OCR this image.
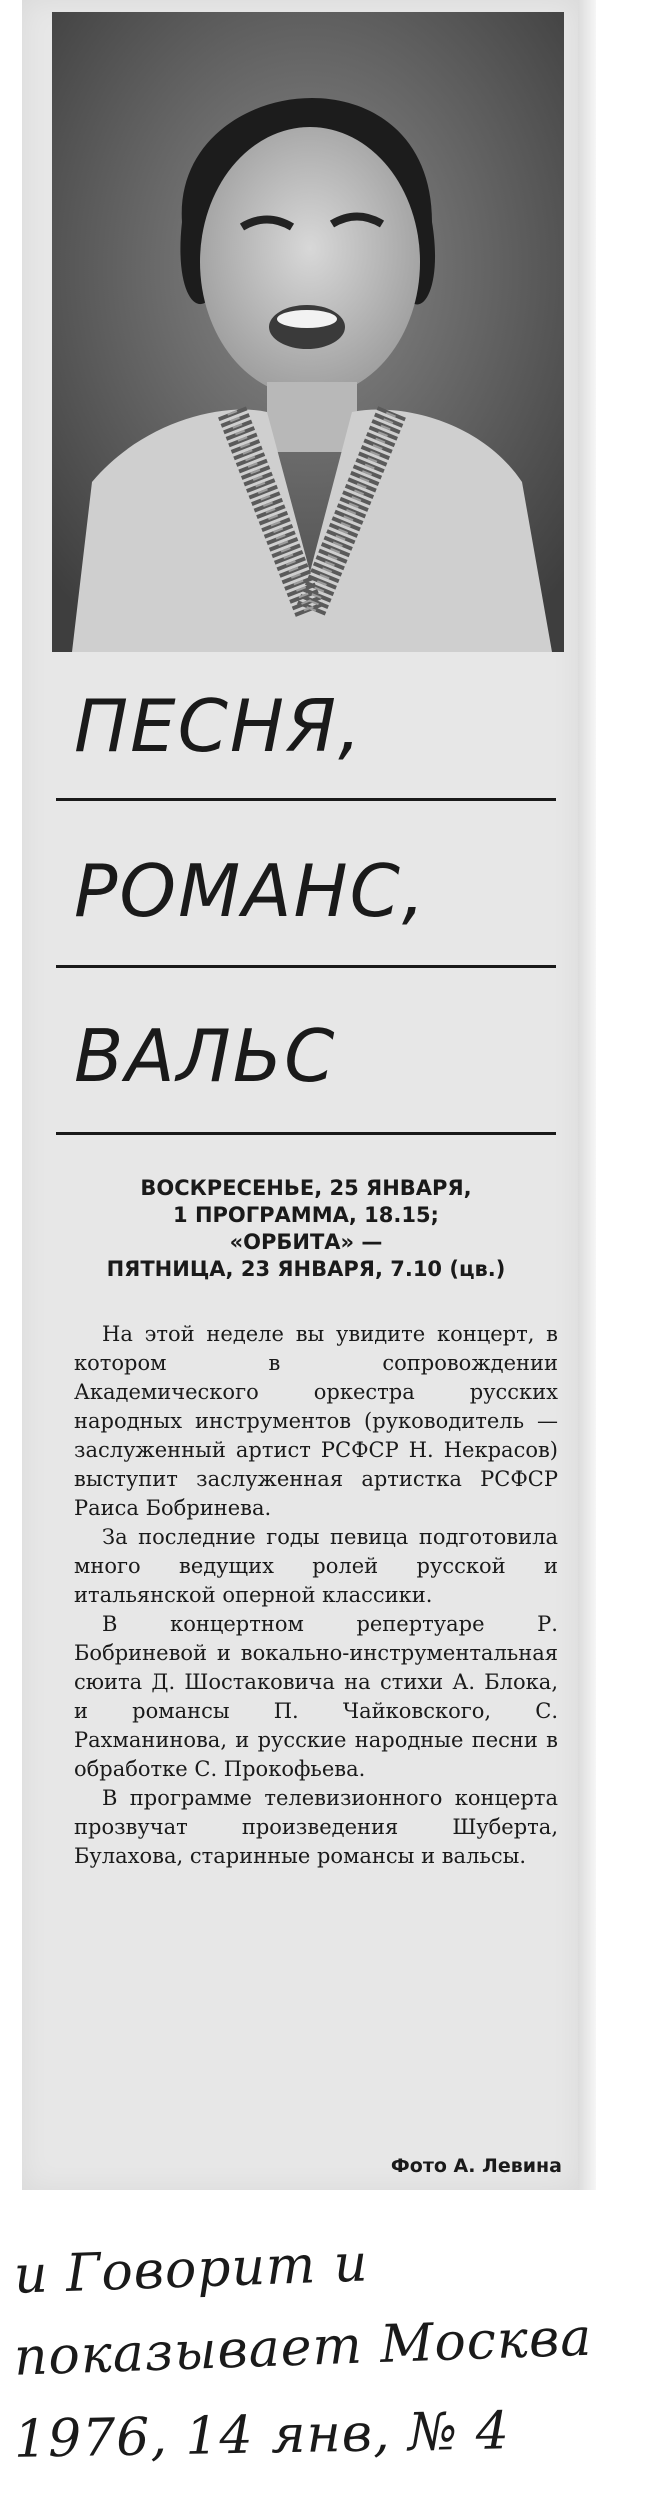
ПЕСНЯ,
РОМАНС,
ВАЛЬС
ВОСКРЕСЕНЬЕ, 25 ЯНВАРЯ,
1 ПРОГРАММА, 18.15;
«ОРБИТА» —
ПЯТНИЦА, 23 ЯНВАРЯ, 7.10 (цв.)

На этой неделе вы увидите концерт, в котором в сопровождении Академического оркестра русских народных инструментов (руководитель — заслуженный артист РСФСР Н. Некрасов) выступит заслуженная артистка РСФСР Раиса Бобринева.

За последние годы певица подготовила много ведущих ролей русской и итальянской оперной классики.

В концертном репертуаре Р. Бобриневой и вокально-инструментальная сюита Д. Шостаковича на стихи А. Блока, и романсы П. Чайковского, С. Рахманинова, и русские народные песни в обработке С. Прокофьева.

В программе телевизионного концерта прозвучат произведения Шуберта, Булахова, старинные романсы и вальсы.

Фото А. Левина
и Говорит и
показывает Москва
1976, 14 янв, № 4
